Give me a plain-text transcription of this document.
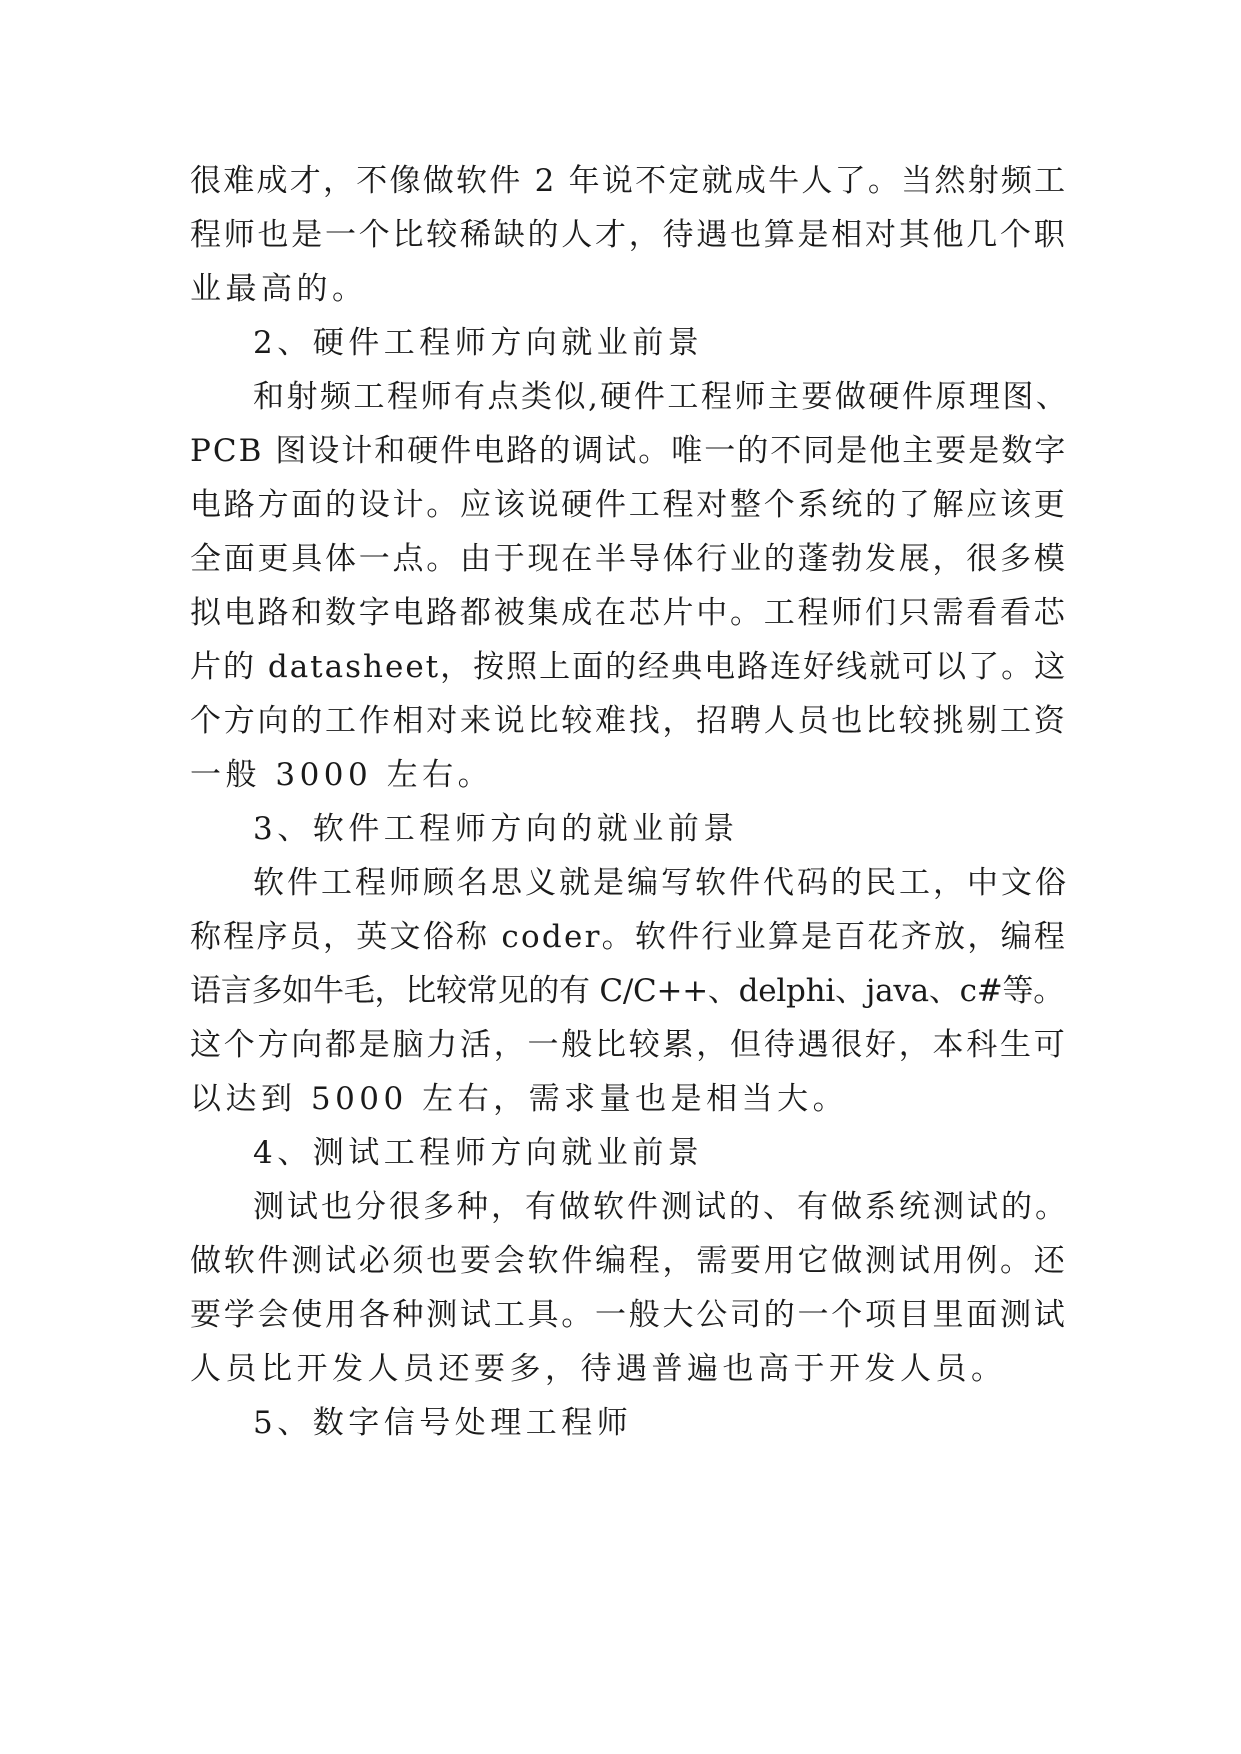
很难成才，不像做软件 2 年说不定就成牛人了。当然射频工

程师也是一个比较稀缺的人才，待遇也算是相对其他几个职

业最高的。

2、硬件工程师方向就业前景

和射频工程师有点类似,硬件工程师主要做硬件原理图、

PCB 图设计和硬件电路的调试。唯一的不同是他主要是数字

电路方面的设计。应该说硬件工程对整个系统的了解应该更

全面更具体一点。由于现在半导体行业的蓬勃发展，很多模

拟电路和数字电路都被集成在芯片中。工程师们只需看看芯

片的 datasheet，按照上面的经典电路连好线就可以了。这

个方向的工作相对来说比较难找，招聘人员也比较挑剔工资

一般 3000 左右。

3、软件工程师方向的就业前景

软件工程师顾名思义就是编写软件代码的民工，中文俗

称程序员，英文俗称 coder。软件行业算是百花齐放，编程

语言多如牛毛，比较常见的有 C/C++、delphi、java、c#等。

这个方向都是脑力活，一般比较累，但待遇很好，本科生可

以达到 5000 左右，需求量也是相当大。

4、测试工程师方向就业前景

测试也分很多种，有做软件测试的、有做系统测试的。

做软件测试必须也要会软件编程，需要用它做测试用例。还

要学会使用各种测试工具。一般大公司的一个项目里面测试

人员比开发人员还要多，待遇普遍也高于开发人员。

5、数字信号处理工程师
